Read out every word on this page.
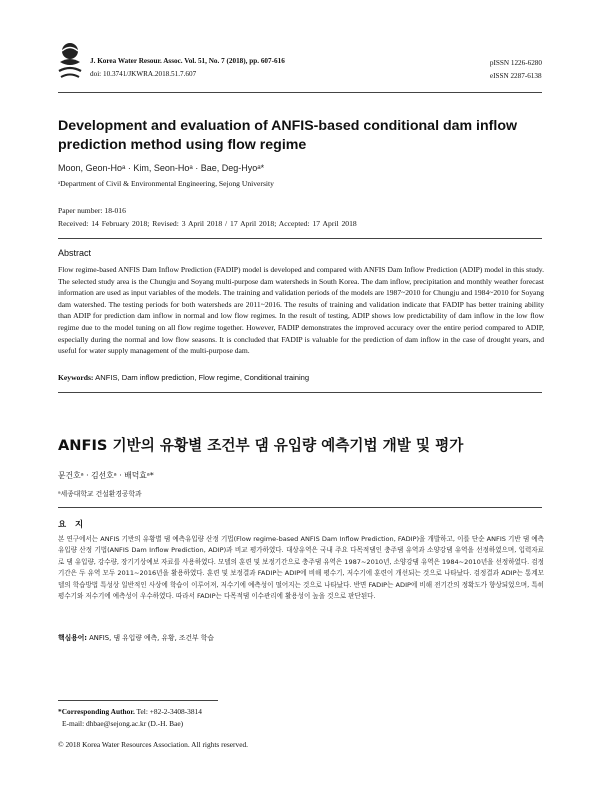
J. Korea Water Resour. Assoc. Vol. 51, No. 7 (2018), pp. 607-616
doi: 10.3741/JKWRA.2018.51.7.607
pISSN 1226-6280
eISSN 2287-6138
Development and evaluation of ANFIS-based conditional dam inflow prediction method using flow regime
Moon, Geon-Hoᵃ · Kim, Seon-Hoᵃ · Bae, Deg-Hyoᵃ*
ᵃDepartment of Civil & Environmental Engineering, Sejong University
Paper number: 18-016
Received: 14 February 2018; Revised: 3 April 2018 / 17 April 2018; Accepted: 17 April 2018
Abstract

Flow regime-based ANFIS Dam Inflow Prediction (FADIP) model is developed and compared with ANFIS Dam Inflow Prediction (ADIP) model in this study. The selected study area is the Chungju and Soyang multi-purpose dam watersheds in South Korea. The dam inflow, precipitation and monthly weather forecast information are used as input variables of the models. The training and validation periods of the models are 1987~2010 for Chungju and 1984~2010 for Soyang dam watershed. The testing periods for both watersheds are 2011~2016. The results of training and validation indicate that FADIP has better training ability than ADIP for prediction dam inflow in normal and low flow regimes. In the result of testing, ADIP shows low predictability of dam inflow in the low flow regime due to the model tuning on all flow regime together. However, FADIP demonstrates the improved accuracy over the entire period compared to ADIP, especially during the normal and low flow seasons. It is concluded that FADIP is valuable for the prediction of dam inflow in the case of drought years, and useful for water supply management of the multi-purpose dam.

Keywords: ANFIS, Dam inflow prediction, Flow regime, Conditional training
ANFIS 기반의 유황별 조건부 댐 유입량 예측기법 개발 및 평가
문건호ᵃ · 김선호ᵃ · 배덕효ᵃ*
ᵃ세종대학교 건설환경공학과
요 지

본 연구에서는 ANFIS 기반의 유황별 댐 예측유입량 산정 기법(Flow regime-based ANFIS Dam Inflow Prediction, FADIP)을 개발하고, 이를 단순 ANFIS 기반 댐 예측유입량 산정 기법(ANFIS Dam Inflow Prediction, ADIP)과 비교 평가하였다. 대상유역은 국내 주요 다목적댐인 충주댐 유역과 소양강댐 유역을 선정하였으며, 입력자료로 댐 유입량, 강수량, 장기기상예보 자료를 사용하였다. 모델의 훈련 및 보정기간으로 충주댐 유역은 1987~2010년, 소양강댐 유역은 1984~2010년을 선정하였다. 검정기간은 두 유역 모두 2011~2016년을 활용하였다. 훈련 및 보정결과 FADIP는 ADIP에 비해 평수기, 저수기에 훈련이 개선되는 것으로 나타났다. 검정결과 ADIP는 통계모델의 학습방법 특성상 일반적인 사상에 학습이 이루어져, 저수기에 예측성이 떨어지는 것으로 나타났다. 반면 FADIP는 ADIP에 비해 전기간의 정확도가 향상되었으며, 특히 평수기와 저수기에 예측성이 우수하였다. 따라서 FADIP는 다목적댐 이수관리에 활용성이 높을 것으로 판단된다.

핵심용어: ANFIS, 댐 유입량 예측, 유황, 조건부 학습
*Corresponding Author. Tel: +82-2-3408-3814
E-mail: dhbae@sejong.ac.kr (D.-H. Bae)
© 2018 Korea Water Resources Association. All rights reserved.
